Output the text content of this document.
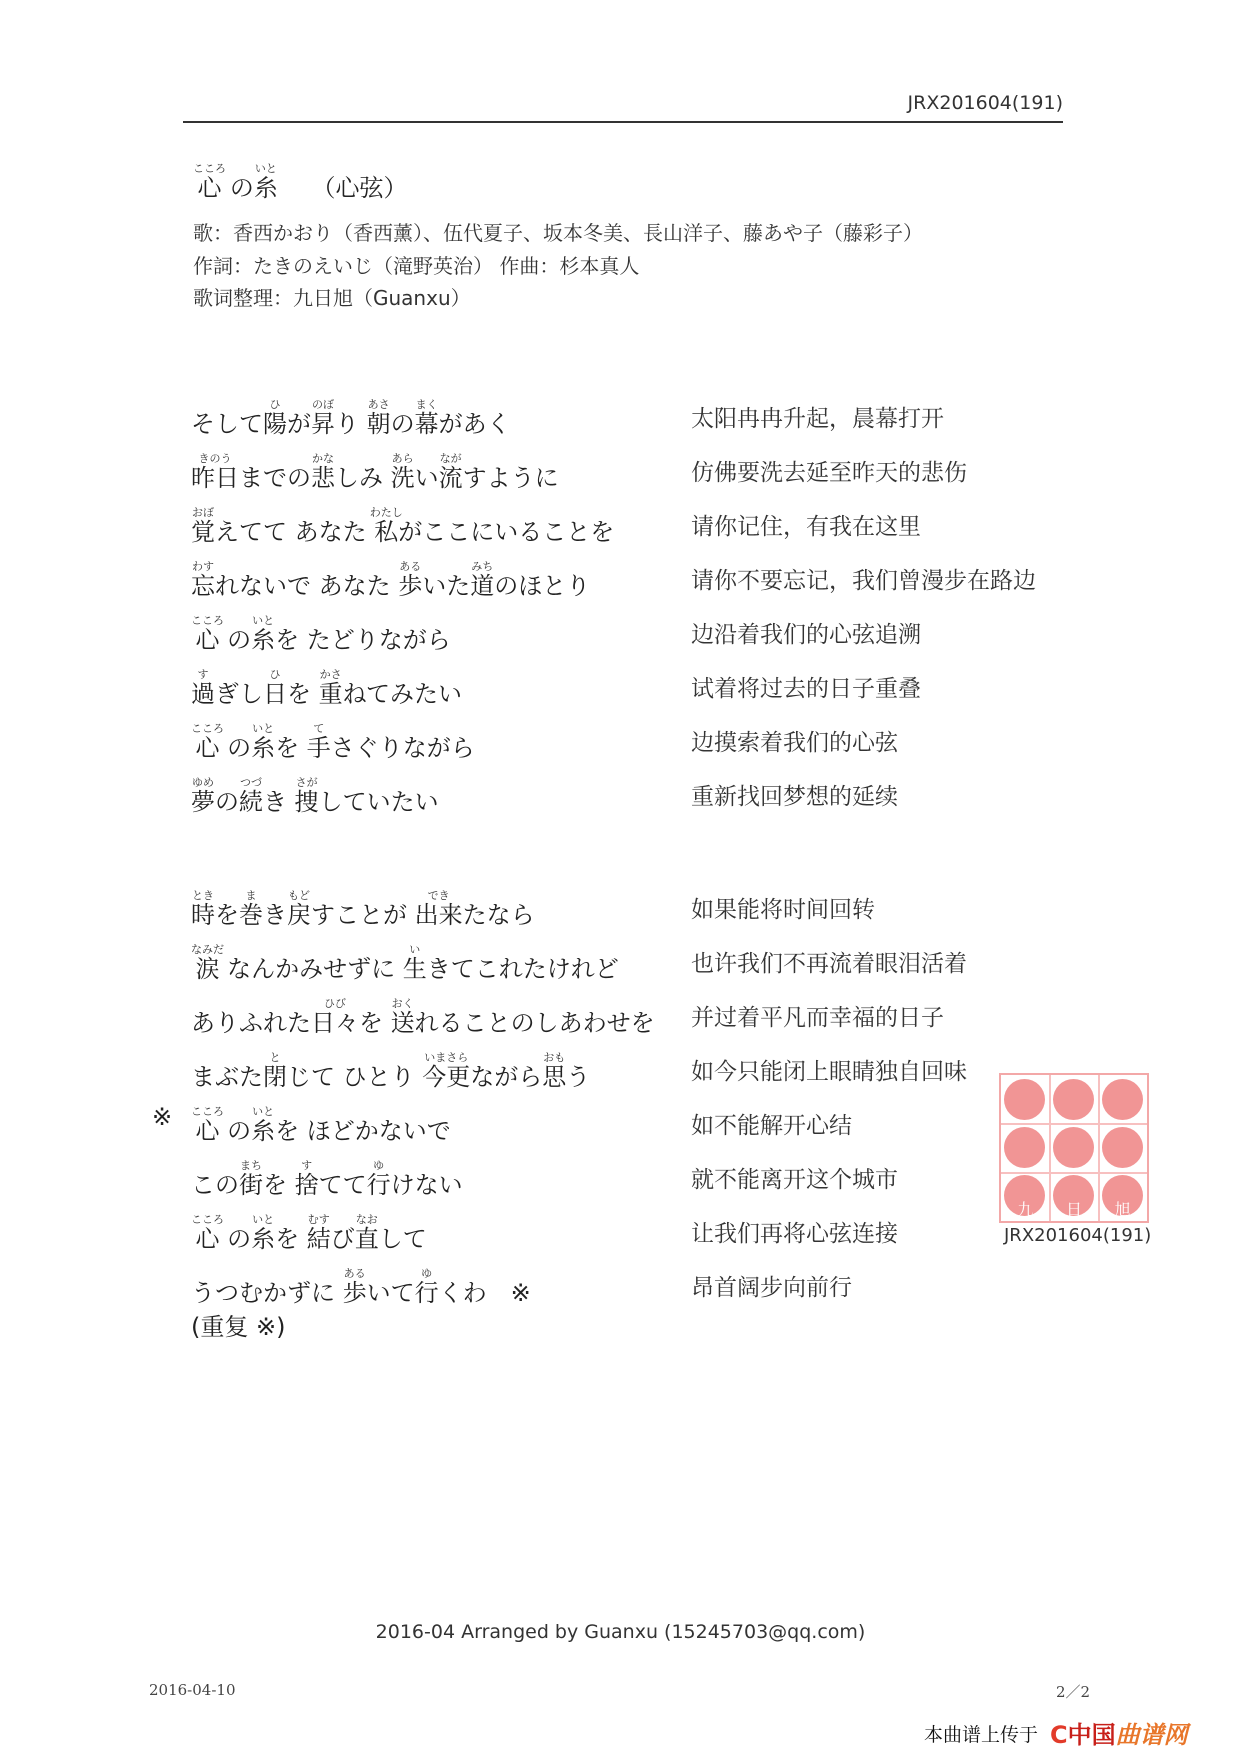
JRX201604(191)
心こころ の糸いと （心弦）
歌：香西かおり（香西薰）、伍代夏子、坂本冬美、長山洋子、藤あや子（藤彩子）
作詞：たきのえいじ（滝野英治） 作曲：杉本真人
歌词整理：九日旭（Guanxu）
そして陽ひが昇のぼり 朝あさの幕まくがあく	太阳冉冉升起，晨幕打开
昨日きのうまでの悲かなしみ 洗あらい流ながすように	仿佛要洗去延至昨天的悲伤
覚おぼえてて あなた 私わたしがここにいることを	请你记住，有我在这里
忘わすれないで あなた 歩あるいた道みちのほとり	请你不要忘记，我们曾漫步在路边
心こころ の糸いとを たどりながら	边沿着我们的心弦追溯
過すぎし日ひを 重かさねてみたい	试着将过去的日子重叠
心こころ の糸いとを 手てさぐりながら	边摸索着我们的心弦
夢ゆめの続つづき 捜さがしていたい	重新找回梦想的延续
時ときを巻まき戻もどすことが 出来できたなら	如果能将时间回转
涙なみだ なんかみせずに 生いきてこれたけれど	也许我们不再流着眼泪活着
ありふれた日々ひびを 送おくれることのしあわせを	并过着平凡而幸福的日子
まぶた閉とじて ひとり 今更いまさらながら思おもう	如今只能闭上眼睛独自回味
心こころ の糸いとを ほどかないで	如不能解开心结
この街まちを 捨すてて行ゆけない	就不能离开这个城市
心こころ の糸いとを 結むすび直なおして	让我们再将心弦连接
うつむかずに 歩あるいて行ゆくわ　※	昂首阔步向前行
※
(重复 ※)
九 日 旭
JRX201604(191)
2016-04 Arranged by Guanxu (15245703@qq.com)
2016-04-10	2／2
本曲谱上传于 C中国曲谱网
